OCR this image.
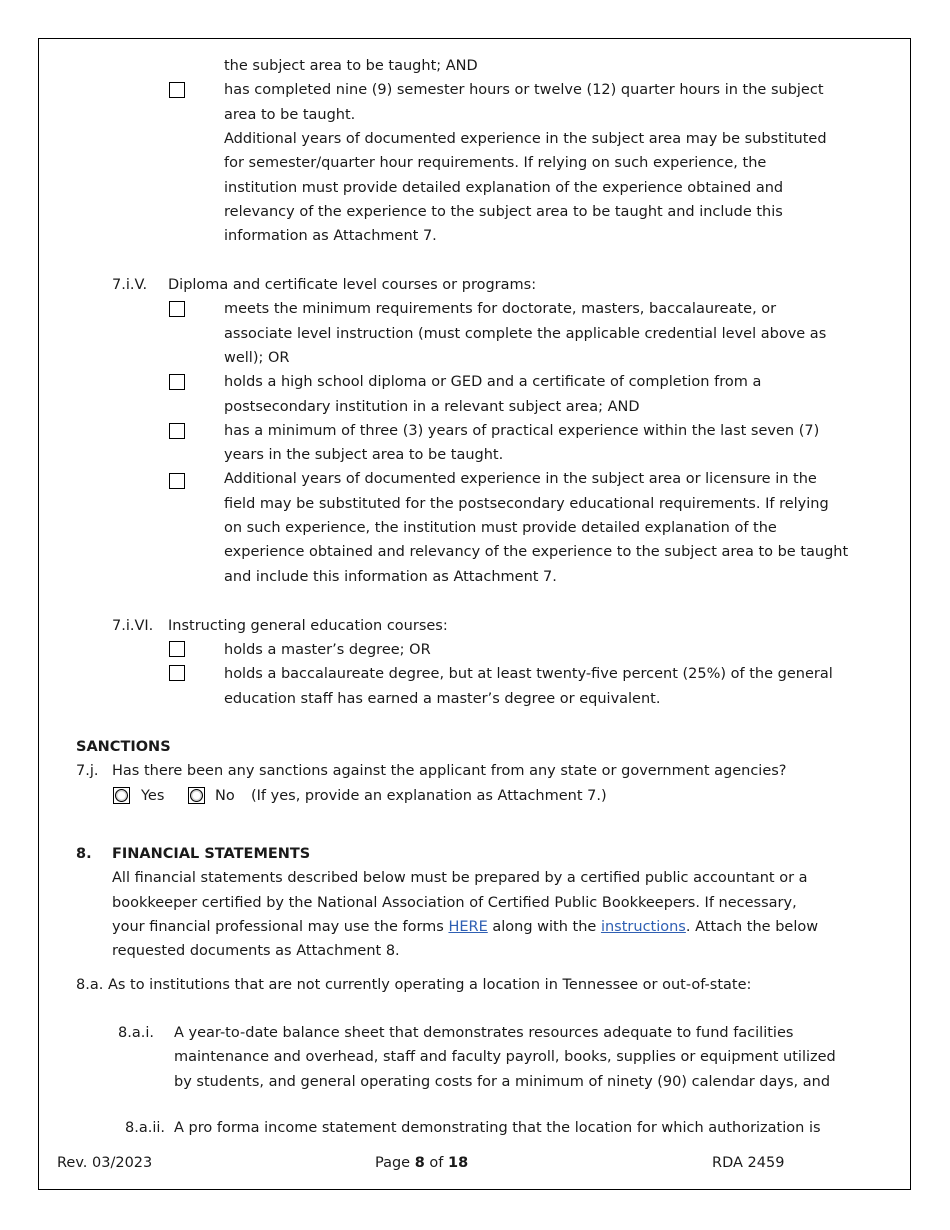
the subject area to be taught; AND
has completed nine (9) semester hours or twelve (12) quarter hours in the subject
area to be taught.
Additional years of documented experience in the subject area may be substituted
for semester/quarter hour requirements. If relying on such experience, the
institution must provide detailed explanation of the experience obtained and
relevancy of the experience to the subject area to be taught and include this
information as Attachment 7.
7.i.V. Diploma and certificate level courses or programs:
meets the minimum requirements for doctorate, masters, baccalaureate, or
associate level instruction (must complete the applicable credential level above as
well); OR
holds a high school diploma or GED and a certificate of completion from a
postsecondary institution in a relevant subject area; AND
has a minimum of three (3) years of practical experience within the last seven (7)
years in the subject area to be taught.
Additional years of documented experience in the subject area or licensure in the
field may be substituted for the postsecondary educational requirements. If relying
on such experience, the institution must provide detailed explanation of the
experience obtained and relevancy of the experience to the subject area to be taught
and include this information as Attachment 7.
7.i.VI. Instructing general education courses:
holds a master’s degree; OR
holds a baccalaureate degree, but at least twenty-five percent (25%) of the general
education staff has earned a master’s degree or equivalent.
SANCTIONS
7.j. Has there been any sanctions against the applicant from any state or government agencies?
Yes	No (If yes, provide an explanation as Attachment 7.)
8. FINANCIAL STATEMENTS
All financial statements described below must be prepared by a certified public accountant or a
bookkeeper certified by the National Association of Certified Public Bookkeepers. If necessary,
your financial professional may use the forms HERE along with the instructions. Attach the below
requested documents as Attachment 8.
8.a. As to institutions that are not currently operating a location in Tennessee or out-of-state:
8.a.i. A year-to-date balance sheet that demonstrates resources adequate to fund facilities
maintenance and overhead, staff and faculty payroll, books, supplies or equipment utilized
by students, and general operating costs for a minimum of ninety (90) calendar days, and
8.a.ii. A pro forma income statement demonstrating that the location for which authorization is
Rev. 03/2023	Page 8 of 18	RDA 2459
